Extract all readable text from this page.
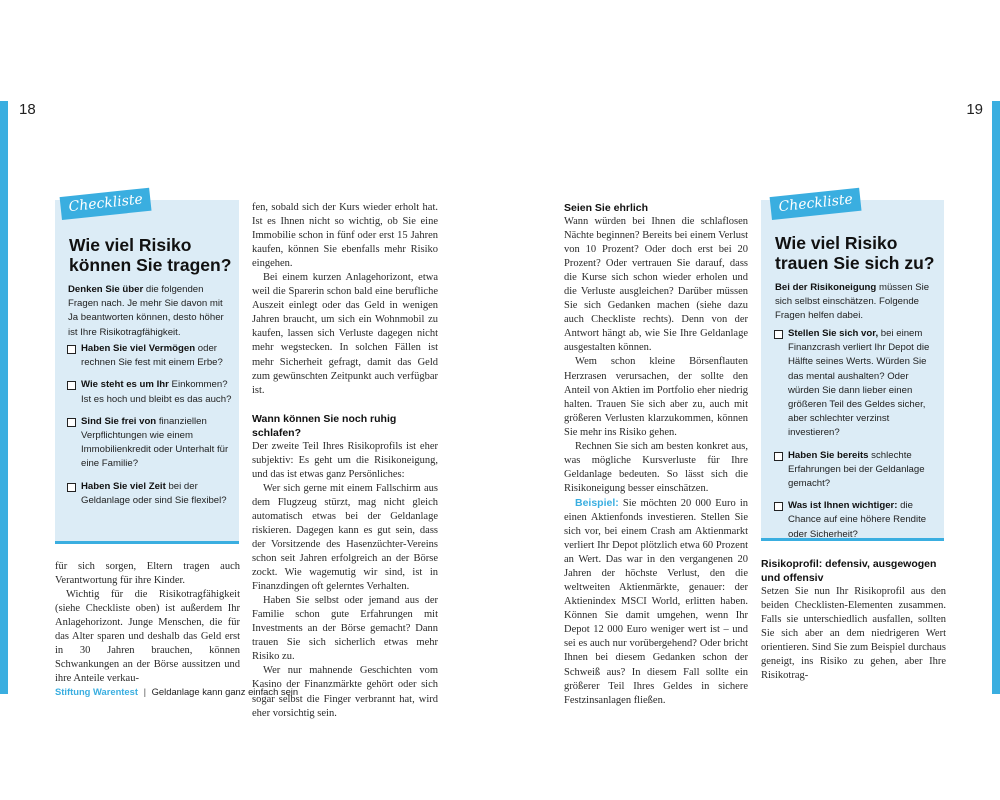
18	19
Checkliste
Wie viel Risiko können Sie tragen?
Denken Sie über die folgenden Fragen nach. Je mehr Sie davon mit Ja beantworten können, desto höher ist Ihre Risikotragfähigkeit.
Haben Sie viel Vermögen oder rechnen Sie fest mit einem Erbe?
Wie steht es um Ihr Einkommen? Ist es hoch und bleibt es das auch?
Sind Sie frei von finanziellen Verpflichtungen wie einem Immobilienkredit oder Unterhalt für eine Familie?
Haben Sie viel Zeit bei der Geldanlage oder sind Sie flexibel?

für sich sorgen, Eltern tragen auch Verantwortung für ihre Kinder.

Wichtig für die Risikotragfähigkeit (siehe Checkliste oben) ist außerdem Ihr Anlagehorizont. Junge Menschen, die für das Alter sparen und deshalb das Geld erst in 30 Jahren brauchen, können Schwankungen an der Börse aussitzen und ihre Anteile verkau-

fen, sobald sich der Kurs wieder erholt hat. Ist es Ihnen nicht so wichtig, ob Sie eine Immobilie schon in fünf oder erst 15 Jahren kaufen, können Sie ebenfalls mehr Risiko eingehen.

Bei einem kurzen Anlagehorizont, etwa weil die Sparerin schon bald eine berufliche Auszeit einlegt oder das Geld in wenigen Jahren braucht, um sich ein Wohnmobil zu kaufen, lassen sich Verluste dagegen nicht mehr wegstecken. In solchen Fällen ist mehr Sicherheit gefragt, damit das Geld zum gewünschten Zeitpunkt auch verfügbar ist.

Wann können Sie noch ruhig schlafen?

Der zweite Teil Ihres Risikoprofils ist eher subjektiv: Es geht um die Risikoneigung, und das ist etwas ganz Persönliches:

Wer sich gerne mit einem Fallschirm aus dem Flugzeug stürzt, mag nicht gleich automatisch etwas bei der Geldanlage riskieren. Dagegen kann es gut sein, dass der Vorsitzende des Hasenzüchter-Vereins schon seit Jahren erfolgreich an der Börse zockt. Wie wagemutig wir sind, ist in Finanzdingen oft gelerntes Verhalten.

Haben Sie selbst oder jemand aus der Familie schon gute Erfahrungen mit Investments an der Börse gemacht? Dann trauen Sie sich sicherlich etwas mehr Risiko zu.

Wer nur mahnende Geschichten vom Kasino der Finanzmärkte gehört oder sich sogar selbst die Finger verbrannt hat, wird eher vorsichtig sein.

Seien Sie ehrlich

Wann würden bei Ihnen die schlaflosen Nächte beginnen? Bereits bei einem Verlust von 10 Prozent? Oder doch erst bei 20 Prozent? Oder vertrauen Sie darauf, dass die Kurse sich schon wieder erholen und die Verluste ausgleichen? Darüber müssen Sie sich Gedanken machen (siehe dazu auch Checkliste rechts). Denn von der Antwort hängt ab, wie Sie Ihre Geldanlage ausgestalten können.

Wem schon kleine Börsenflauten Herzrasen verursachen, der sollte den Anteil von Aktien im Portfolio eher niedrig halten. Trauen Sie sich aber zu, auch mit größeren Verlusten klarzukommen, können Sie mehr ins Risiko gehen.

Rechnen Sie sich am besten konkret aus, was mögliche Kursverluste für Ihre Geldanlage bedeuten. So lässt sich die Risikoneigung besser einschätzen.

Beispiel: Sie möchten 20 000 Euro in einen Aktienfonds investieren. Stellen Sie sich vor, bei einem Crash am Aktienmarkt verliert Ihr Depot plötzlich etwa 60 Prozent an Wert. Das war in den vergangenen 20 Jahren der höchste Verlust, den die weltweiten Aktienmärkte, genauer: der Aktienindex MSCI World, erlitten haben. Können Sie damit umgehen, wenn Ihr Depot 12 000 Euro weniger wert ist – und sei es auch nur vorübergehend? Oder bricht Ihnen bei diesem Gedanken schon der Schweiß aus? In diesem Fall sollte ein größerer Teil Ihres Geldes in sichere Festzinsanlagen fließen.

Checkliste
Wie viel Risiko trauen Sie sich zu?
Bei der Risikoneigung müssen Sie sich selbst einschätzen. Folgende Fragen helfen dabei.
Stellen Sie sich vor, bei einem Finanzcrash verliert Ihr Depot die Hälfte seines Werts. Würden Sie das mental aushalten? Oder würden Sie dann lieber einen größeren Teil des Geldes sicher, aber schlechter verzinst investieren?
Haben Sie bereits schlechte Erfahrungen bei der Geldanlage gemacht?
Was ist Ihnen wichtiger: die Chance auf eine höhere Rendite oder Sicherheit?
Risikoprofil: defensiv, ausgewogen und offensiv

Setzen Sie nun Ihr Risikoprofil aus den beiden Checklisten-Elementen zusammen. Falls sie unterschiedlich ausfallen, sollten Sie sich aber an dem niedrigeren Wert orientieren. Sind Sie zum Beispiel durchaus geneigt, ins Risiko zu gehen, aber Ihre Risikotrag-

Stiftung Warentest | Geldanlage kann ganz einfach sein
